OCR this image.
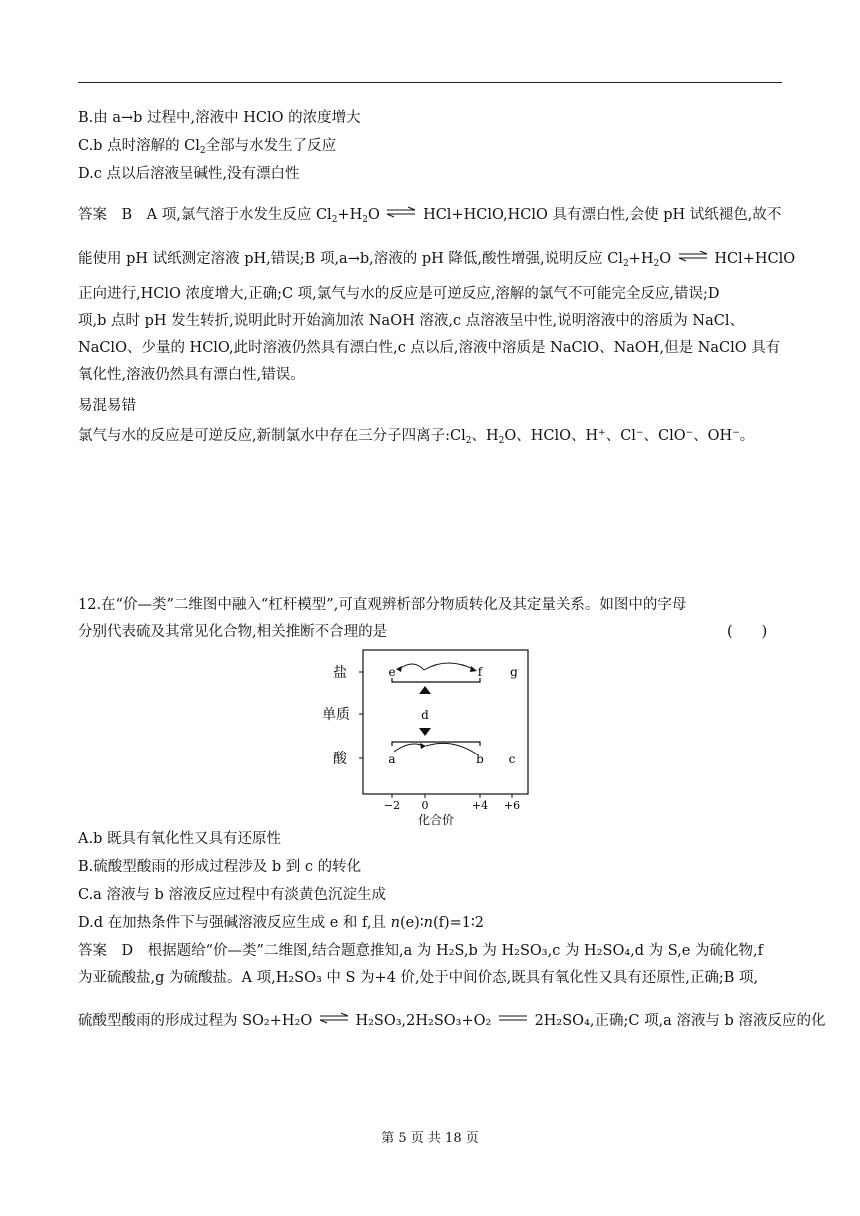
B.由 a→b 过程中,溶液中 HClO 的浓度增大
C.b 点时溶解的 $Cl_2$全部与水发生了反应
D.c 点以后溶液呈碱性,没有漂白性
答案　B　A 项,氯气溶于水发生反应 $Cl_2+H_2O$ ⇌ HCl+HClO,HClO 具有漂白性,会使 pH 试纸褪色,故不
能使用 pH 试纸测定溶液 pH,错误;B 项,a→b,溶液的 pH 降低,酸性增强,说明反应 $Cl_2+H_2O$ ⇌ HCl+HClO
正向进行,HClO 浓度增大,正确;C 项,氯气与水的反应是可逆反应,溶解的氯气不可能完全反应,错误;D
项,b 点时 pH 发生转折,说明此时开始滴加浓 NaOH 溶液,c 点溶液呈中性,说明溶液中的溶质为 NaCl、
NaClO、少量的 HClO,此时溶液仍然具有漂白性,c 点以后,溶液中溶质是 NaClO、NaOH,但是 NaClO 具有
氧化性,溶液仍然具有漂白性,错误。
易混易错
氯气与水的反应是可逆反应,新制氯水中存在三分子四离子$:Cl_2$、$H_2O$、HClO、H+、Cl−、ClO−、OH−。
12.在“价—类”二维图中融入“杠杆模型”,可直观辨析部分物质转化及其定量关系。如图中的字母
分别代表硫及其常见化合物,相关推断不合理的是	(　　)
盐
单质
酸
−2 0	+4 +6
化合价
e	f g
d
a	b c
A.b 既具有氧化性又具有还原性
B.硫酸型酸雨的形成过程涉及 b 到 c 的转化
C.a 溶液与 b 溶液反应过程中有淡黄色沉淀生成
D.d 在加热条件下与强碱溶液反应生成 e 和 f,且 n(e)∶n(f)=1∶2
答案　D　根据题给“价—类”二维图,结合题意推知,a 为 H₂S,b 为 H₂SO₃,c 为 H₂SO₄,d 为 S,e 为硫化物,f
为亚硫酸盐,g 为硫酸盐。A 项,H₂SO₃ 中 S 为+4 价,处于中间价态,既具有氧化性又具有还原性,正确;B 项,
硫酸型酸雨的形成过程为 SO₂+H₂O ⇌ H₂SO₃,2H₂SO₃+O₂	2H₂SO₄,正确;C 项,a 溶液与 b 溶液反应的化
第 5 页 共 18 页
